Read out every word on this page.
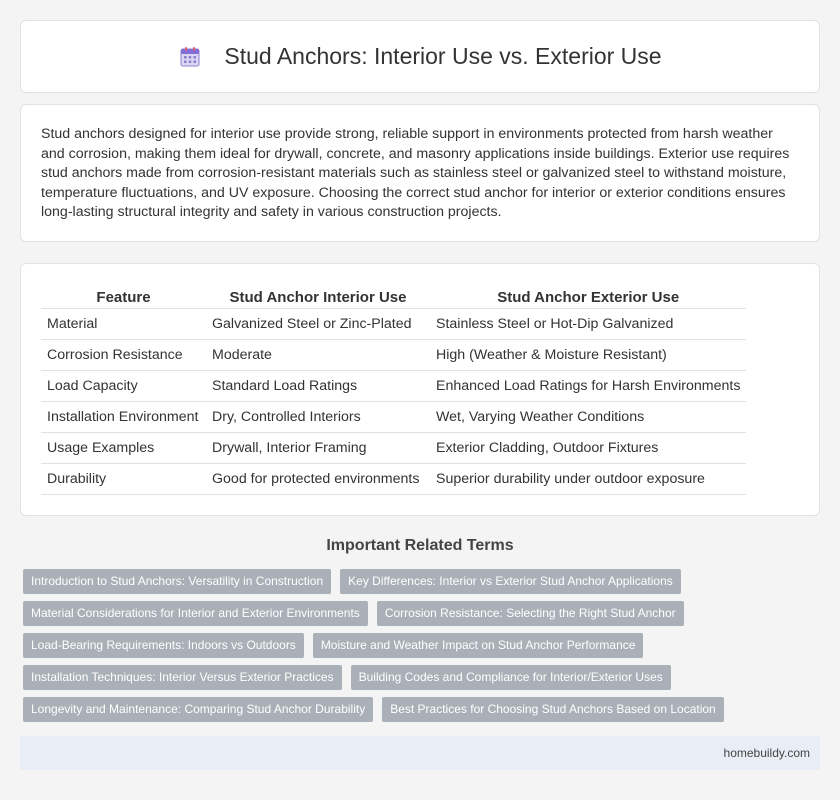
Stud Anchors: Interior Use vs. Exterior Use

Stud anchors designed for interior use provide strong, reliable support in environments protected from harsh weather and corrosion, making them ideal for drywall, concrete, and masonry applications inside buildings. Exterior use requires stud anchors made from corrosion-resistant materials such as stainless steel or galvanized steel to withstand moisture, temperature fluctuations, and UV exposure. Choosing the correct stud anchor for interior or exterior conditions ensures long-lasting structural integrity and safety in various construction projects.

Feature	Stud Anchor Interior Use	Stud Anchor Exterior Use
Material	Galvanized Steel or Zinc-Plated	Stainless Steel or Hot-Dip Galvanized
Corrosion Resistance	Moderate	High (Weather & Moisture Resistant)
Load Capacity	Standard Load Ratings	Enhanced Load Ratings for Harsh Environments
Installation Environment	Dry, Controlled Interiors	Wet, Varying Weather Conditions
Usage Examples	Drywall, Interior Framing	Exterior Cladding, Outdoor Fixtures
Durability	Good for protected environments	Superior durability under outdoor exposure
Important Related Terms
Introduction to Stud Anchors: Versatility in Construction	Key Differences: Interior vs Exterior Stud Anchor Applications
Material Considerations for Interior and Exterior Environments	Corrosion Resistance: Selecting the Right Stud Anchor
Load-Bearing Requirements: Indoors vs Outdoors	Moisture and Weather Impact on Stud Anchor Performance
Installation Techniques: Interior Versus Exterior Practices	Building Codes and Compliance for Interior/Exterior Uses
Longevity and Maintenance: Comparing Stud Anchor Durability	Best Practices for Choosing Stud Anchors Based on Location
homebuildy.com
